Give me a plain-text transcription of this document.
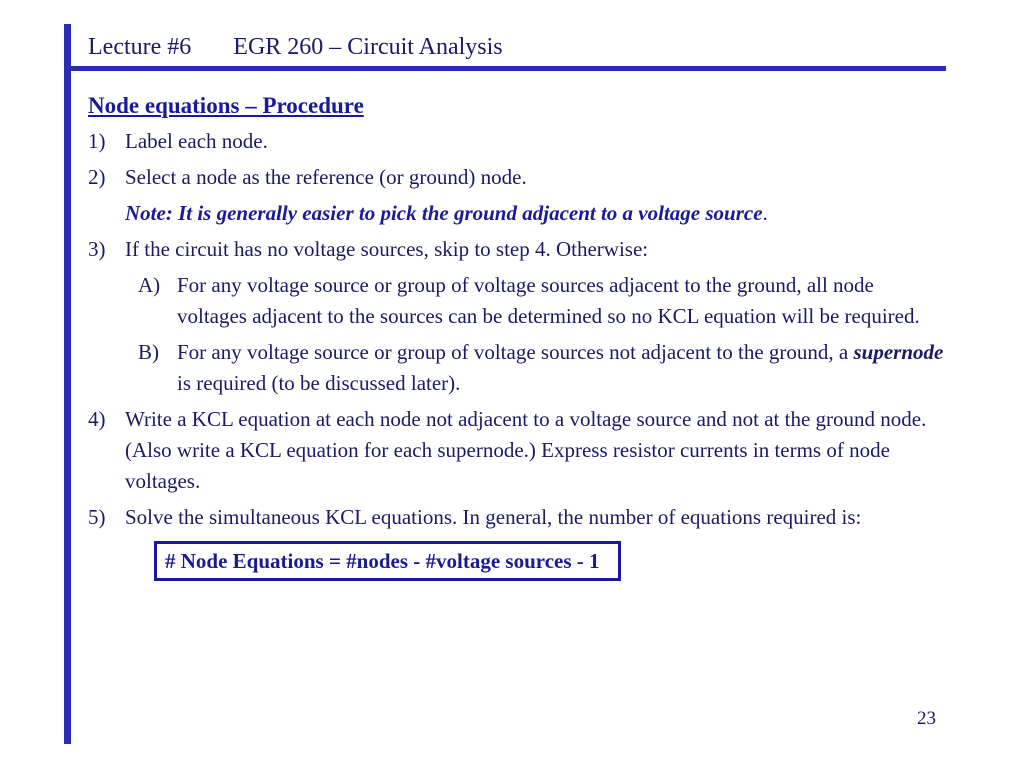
Lecture #6 EGR 260 – Circuit Analysis
Node equations – Procedure
1) Label each node.
2) Select a node as the reference (or ground) node.
Note: It is generally easier to pick the ground adjacent to a voltage source.
3) If the circuit has no voltage sources, skip to step 4. Otherwise:
A) For any voltage source or group of voltage sources adjacent to the ground, all node voltages adjacent to the sources can be determined so no KCL equation will be required.
B) For any voltage source or group of voltage sources not adjacent to the ground, a supernode is required (to be discussed later).
4) Write a KCL equation at each node not adjacent to a voltage source and not at the ground node. (Also write a KCL equation for each supernode.) Express resistor currents in terms of node voltages.
5) Solve the simultaneous KCL equations. In general, the number of equations required is:
# Node Equations = #nodes - #voltage sources - 1
23
